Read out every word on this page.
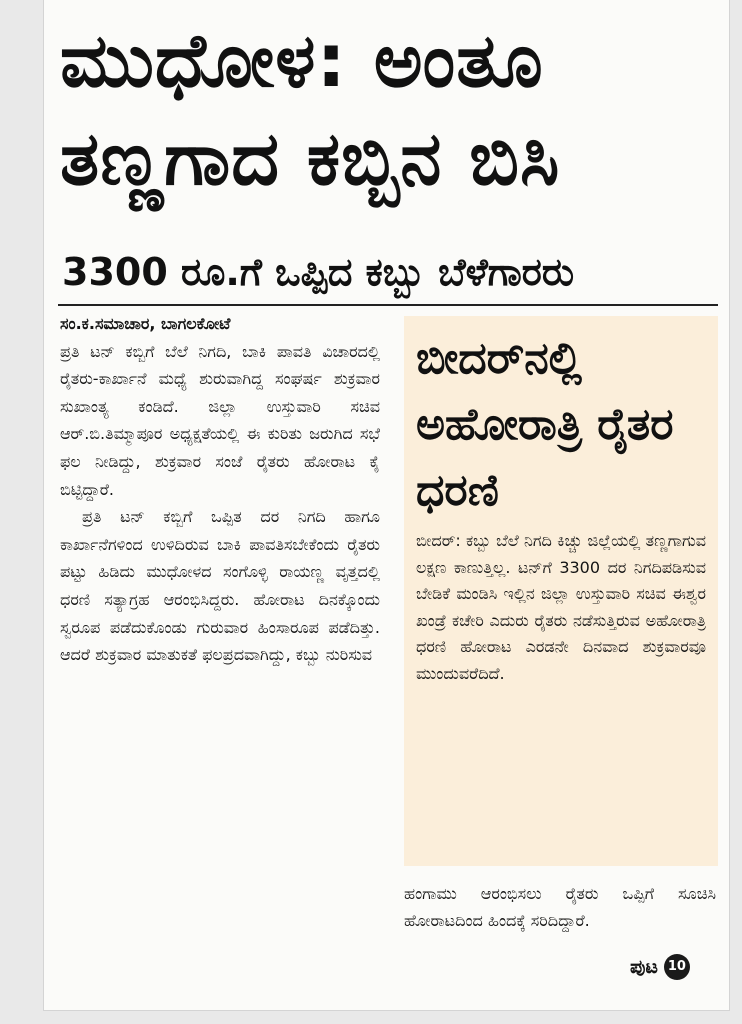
ಮುಧೋಳ: ಅಂತೂ ತಣ್ಣಗಾದ ಕಬ್ಬಿನ ಬಿಸಿ
3300 ರೂ.ಗೆ ಒಪ್ಪಿದ ಕಬ್ಬು ಬೆಳೆಗಾರರು
ಸಂ.ಕ.ಸಮಾಚಾರ, ಬಾಗಲಕೋಟೆ

ಪ್ರತಿ ಟನ್ ಕಬ್ಬಿಗೆ ಬೆಲೆ ನಿಗದಿ, ಬಾಕಿ ಪಾವತಿ ವಿಚಾರದಲ್ಲಿ ರೈತರು-ಕಾರ್ಖಾನೆ ಮಧ್ಯೆ ಶುರುವಾಗಿದ್ದ ಸಂಘರ್ಷ ಶುಕ್ರವಾರ ಸುಖಾಂತ್ಯ ಕಂಡಿದೆ. ಜಿಲ್ಲಾ ಉಸ್ತುವಾರಿ ಸಚಿವ ಆರ್.ಬಿ.ತಿಮ್ಮಾಪೂರ ಅಧ್ಯಕ್ಷತೆಯಲ್ಲಿ ಈ ಕುರಿತು ಜರುಗಿದ ಸಭೆ ಫಲ ನೀಡಿದ್ದು, ಶುಕ್ರವಾರ ಸಂಜೆ ರೈತರು ಹೋರಾಟ ಕೈ ಬಿಟ್ಟಿದ್ದಾರೆ.

ಪ್ರತಿ ಟನ್ ಕಬ್ಬಿಗೆ ಒಪ್ಪಿತ ದರ ನಿಗದಿ ಹಾಗೂ ಕಾರ್ಖಾನೆಗಳಿಂದ ಉಳಿದಿರುವ ಬಾಕಿ ಪಾವತಿಸಬೇಕೆಂದು ರೈತರು ಪಟ್ಟು ಹಿಡಿದು ಮುಧೋಳದ ಸಂಗೊಳ್ಳಿ ರಾಯಣ್ಣ ವೃತ್ತದಲ್ಲಿ ಧರಣಿ ಸತ್ಯಾಗ್ರಹ ಆರಂಭಿಸಿದ್ದರು. ಹೋರಾಟ ದಿನಕ್ಕೊಂದು ಸ್ವರೂಪ ಪಡೆದುಕೊಂಡು ಗುರುವಾರ ಹಿಂಸಾರೂಪ ಪಡೆದಿತ್ತು. ಆದರೆ ಶುಕ್ರವಾರ ಮಾತುಕತೆ ಫಲಪ್ರದವಾಗಿದ್ದು, ಕಬ್ಬು ನುರಿಸುವ

ಬೀದರ್‌ನಲ್ಲಿ ಅಹೋರಾತ್ರಿ ರೈತರ ಧರಣಿ

ಬೀದರ್: ಕಬ್ಬು ಬೆಲೆ ನಿಗದಿ ಕಿಚ್ಚು ಜಿಲ್ಲೆಯಲ್ಲಿ ತಣ್ಣಗಾಗುವ ಲಕ್ಷಣ ಕಾಣುತ್ತಿಲ್ಲ. ಟನ್‌ಗೆ 3300 ದರ ನಿಗದಿಪಡಿಸುವ ಬೇಡಿಕೆ ಮಂಡಿಸಿ ಇಲ್ಲಿನ ಜಿಲ್ಲಾ ಉಸ್ತುವಾರಿ ಸಚಿವ ಈಶ್ವರ ಖಂಡ್ರೆ ಕಚೇರಿ ಎದುರು ರೈತರು ನಡೆಸುತ್ತಿರುವ ಅಹೋರಾತ್ರಿ ಧರಣಿ ಹೋರಾಟ ಎರಡನೇ ದಿನವಾದ ಶುಕ್ರವಾರವೂ ಮುಂದುವರೆದಿದೆ.

ಹಂಗಾಮು ಆರಂಭಿಸಲು ರೈತರು ಒಪ್ಪಿಗೆ ಸೂಚಿಸಿ ಹೋರಾಟದಿಂದ ಹಿಂದಕ್ಕೆ ಸರಿದಿದ್ದಾರೆ.

ಪುಟ 10
